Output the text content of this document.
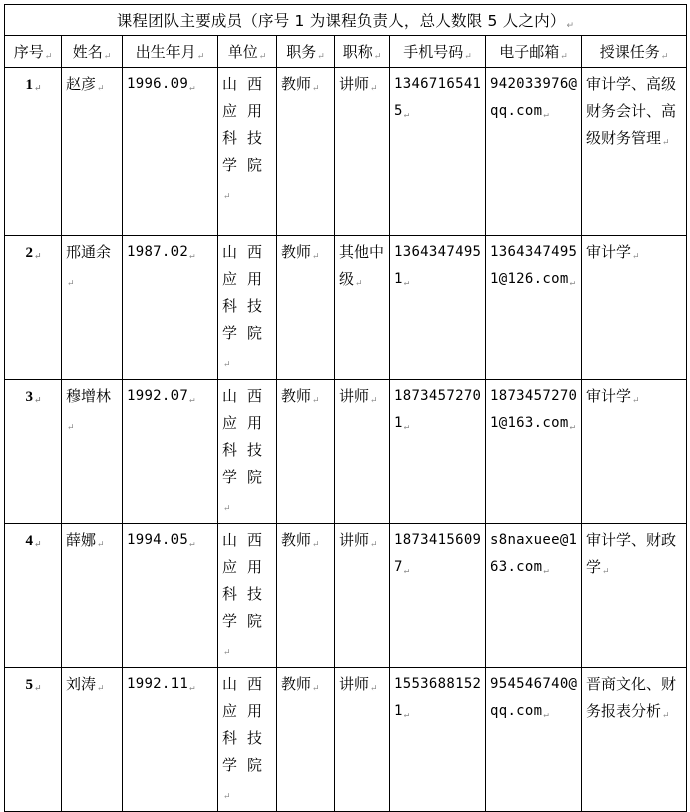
课程团队主要成员（序号 1 为课程负责人，总人数限 5 人之内）↵								
序号↵	姓名↵	出生年月↵	单位↵	职务↵	职称↵	手机号码↵	电子邮箱↵	授课任务↵
1↵	赵彦↵	1996.09↵	山西应用科技学院↵	教师↵	讲师↵	13467165415↵	942033976@qq.com↵	审计学、高级财务会计、高级财务管理↵
2↵	邢通余↵	1987.02↵	山西应用科技学院↵	教师↵	其他中级↵	13643474951↵	13643474951@126.com↵	审计学↵
3↵	穆增林↵	1992.07↵	山西应用科技学院↵	教师↵	讲师↵	18734572701↵	18734572701@163.com↵	审计学↵
4↵	薛娜↵	1994.05↵	山西应用科技学院↵	教师↵	讲师↵	18734156097↵	s8naxuee@163.com↵	审计学、财政学↵
5↵	刘涛↵	1992.11↵	山西应用科技学院↵	教师↵	讲师↵	15536881521↵	954546740@qq.com↵	晋商文化、财务报表分析↵
